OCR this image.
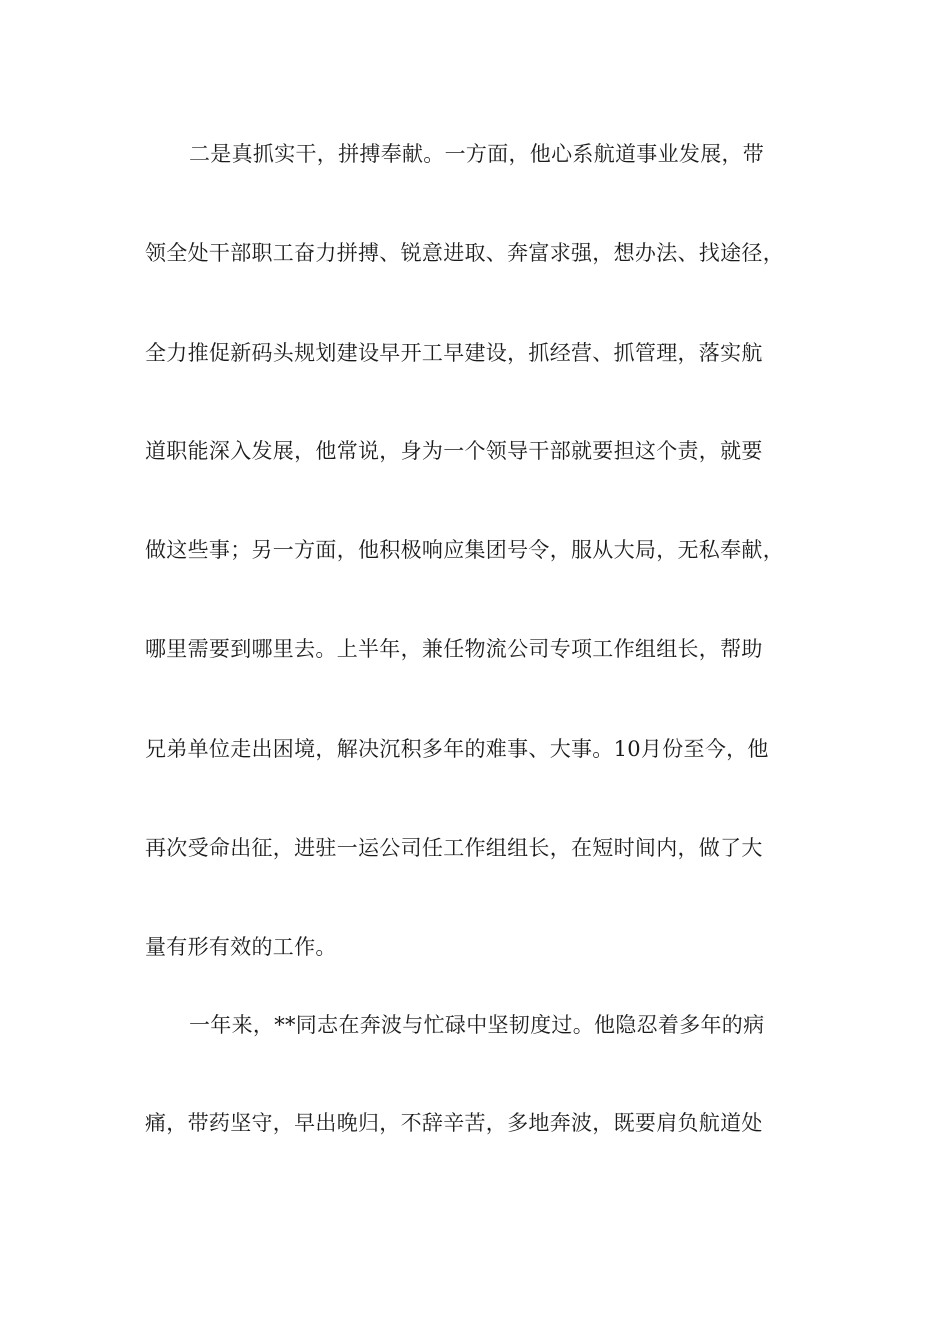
二是真抓实干，拼搏奉献。一方面，他心系航道事业发展，带
领全处干部职工奋力拼搏、锐意进取、奔富求强，想办法、找途径，
全力推促新码头规划建设早开工早建设，抓经营、抓管理，落实航
道职能深入发展，他常说，身为一个领导干部就要担这个责，就要
做这些事；另一方面，他积极响应集团号令，服从大局，无私奉献，
哪里需要到哪里去。上半年，兼任物流公司专项工作组组长，帮助
兄弟单位走出困境，解决沉积多年的难事、大事。10月份至今，他
再次受命出征，进驻一运公司任工作组组长，在短时间内，做了大
量有形有效的工作。
一年来，**同志在奔波与忙碌中坚韧度过。他隐忍着多年的病
痛，带药坚守，早出晚归，不辞辛苦，多地奔波，既要肩负航道处
